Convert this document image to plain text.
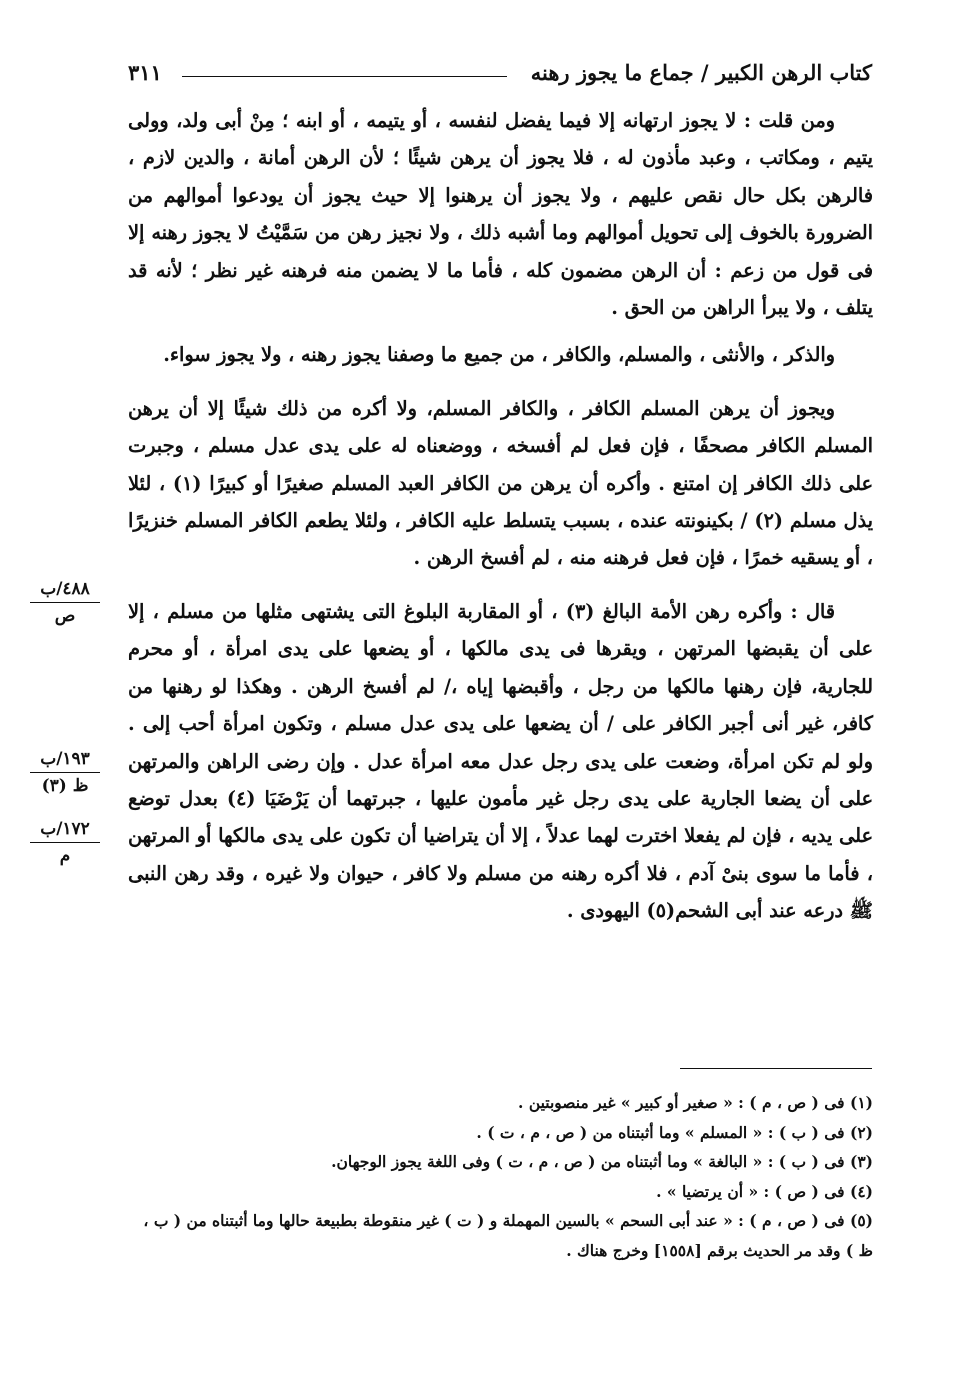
كتاب الرهن الكبير / جماع ما يجوز رهنه
٣١١

ومن قلت : لا يجوز ارتهانه إلا فيما يفضل لنفسه ، أو يتيمه ، أو ابنه ؛ مِنْ أبى ولد، وولى يتيم ، ومكاتب ، وعبد مأذون له ، فلا يجوز أن يرهن شيئًا ؛ لأن الرهن أمانة ، والدين لازم ، فالرهن بكل حال نقص عليهم ، ولا يجوز أن يرهنوا إلا حيث يجوز أن يودعوا أموالهم من الضرورة بالخوف إلى تحويل أموالهم وما أشبه ذلك ، ولا نجيز رهن من سَمَّيْتُ لا يجوز رهنه إلا فى قول من زعم : أن الرهن مضمون كله ، فأما ما لا يضمن منه فرهنه غير نظر ؛ لأنه قد يتلف ، ولا يبرأ الراهن من الحق .

والذكر ، والأنثى ، والمسلم، والكافر ، من جميع ما وصفنا يجوز رهنه ، ولا يجوز سواء.

ويجوز أن يرهن المسلم الكافر ، والكافر المسلم، ولا أكره من ذلك شيئًا إلا أن يرهن المسلم الكافر مصحفًا ، فإن فعل لم أفسخه ، ووضعناه له على يدى عدل مسلم ، وجبرت على ذلك الكافر إن امتنع . وأكره أن يرهن من الكافر العبد المسلم صغيرًا أو كبيرًا (١) ، لئلا يذل مسلم (٢) / بكينونته عنده ، بسبب يتسلط عليه الكافر ، ولئلا يطعم الكافر المسلم خنزيرًا ، أو يسقيه خمرًا ، فإن فعل فرهنه منه ، لم أفسخ الرهن .

قال : وأكره رهن الأمة البالغ (٣) ، أو المقاربة البلوغ التى يشتهى مثلها من مسلم ، إلا على أن يقبضها المرتهن ، ويقرها فى يدى مالكها ، أو يضعها على يدى امرأة ، أو محرم للجارية، فإن رهنها مالكها من رجل ، وأقبضها إياه ،/ لم أفسخ الرهن . وهكذا لو رهنها من كافر، غير أنى أجبر الكافر على / أن يضعها على يدى عدل مسلم ، وتكون امرأة أحب إلى . ولو لم تكن امرأة، وضعت على يدى رجل عدل معه امرأة عدل . وإن رضى الراهن والمرتهن على أن يضعا الجارية على يدى رجل غير مأمون عليها ، جبرتهما أن يَرْضَيَا (٤) بعدل توضع على يديه ، فإن لم يفعلا اخترت لهما عدلاً ، إلا أن يتراضيا أن تكون على يدى مالكها أو المرتهن ، فأما ما سوى بنىْ آدم ، فلا أكره رهنه من مسلم ولا كافر ، حيوان ولا غيره ، وقد رهن النبى ﷺ درعه عند أبى الشحم(٥) اليهودى .

٤٨٨/ب
ص
١٩٣/ب
ظ (٣)
١٧٢/ب
م

(١) فى ( ص ، م ) : « صغير أو كبير » غير منصوبتين .

(٢) فى ( ب ) : « المسلم » وما أثبتناه من ( ص ، م ، ت ) .

(٣) فى ( ب ) : « البالغة » وما أثبتناه من ( ص ، م ، ت ) وفى اللغة يجوز الوجهان.

(٤) فى ( ص ) : « أن يرتضيا » .

(٥) فى ( ص ، م ) : « عند أبى السحم » بالسين المهملة و ( ت ) غير منقوطة بطبيعة حالها وما أثبتناه من ( ب ، ظ ) وقد مر الحديث برقم [١٥٥٨] وخرج هناك .
